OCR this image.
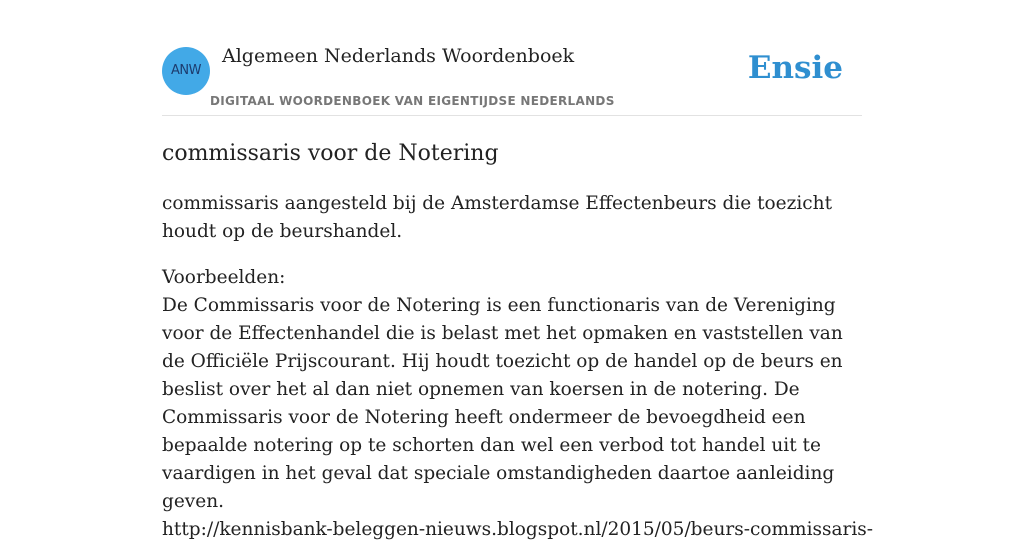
ANW
Algemeen Nederlands Woordenboek
DIGITAAL WOORDENBOEK VAN EIGENTIJDSE NEDERLANDS
Ensie
commissaris voor de Notering

commissaris aangesteld bij de Amsterdamse Effectenbeurs die toezicht houdt op de beurshandel.

Voorbeelden:
De Commissaris voor de Notering is een functionaris van de Vereniging voor de Effectenhandel die is belast met het opmaken en vaststellen van de Officiële Prijscourant. Hij houdt toezicht op de handel op de beurs en beslist over het al dan niet opnemen van koersen in de notering. De Commissaris voor de Notering heeft ondermeer de bevoegdheid een bepaalde notering op te schorten dan wel een verbod tot handel uit te vaardigen in het geval dat speciale omstandigheden daartoe aanleiding geven.
http://kennisbank-beleggen-nieuws.blogspot.nl/2015/05/beurs-commissaris-
